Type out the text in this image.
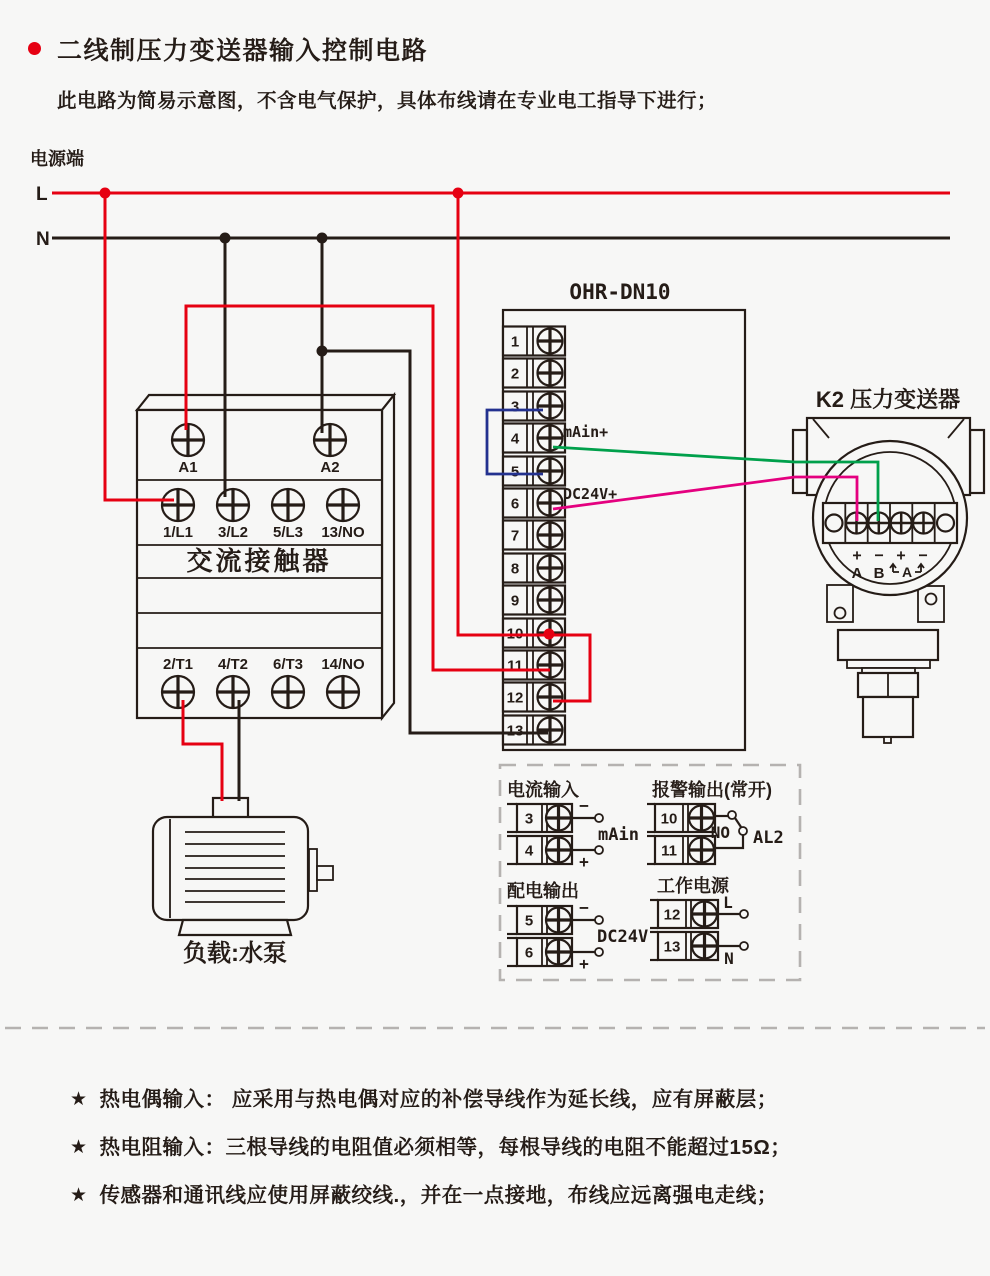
二线制压力变送器输入控制电路
此电路为简易示意图，不含电气保护，具体布线请在专业电工指导下进行；
电源端
L
N
OHR-DN10
1
2
3
4
5
6
7
8
9
10
11
12
13
mAin+
DC24V+
A1	A2
1/L1 3/L2 5/L3 13/NO
交流接触器
2/T1 4/T2 6/T3 14/NO
负载:水泵
K2 压力变送器
+ − + −
A B A
电流输入
3
4
−
+
mAin
报警输出(常开)
10
11
NO AL2
配电输出
5
6
−
+
DC24V
工作电源
12
13
L
N
★ 热电偶输入： 应采用与热电偶对应的补偿导线作为延长线，应有屏蔽层；
★ 热电阻输入：三根导线的电阻值必须相等，每根导线的电阻不能超过15Ω；
★ 传感器和通讯线应使用屏蔽绞线.，并在一点接地，布线应远离强电走线；
